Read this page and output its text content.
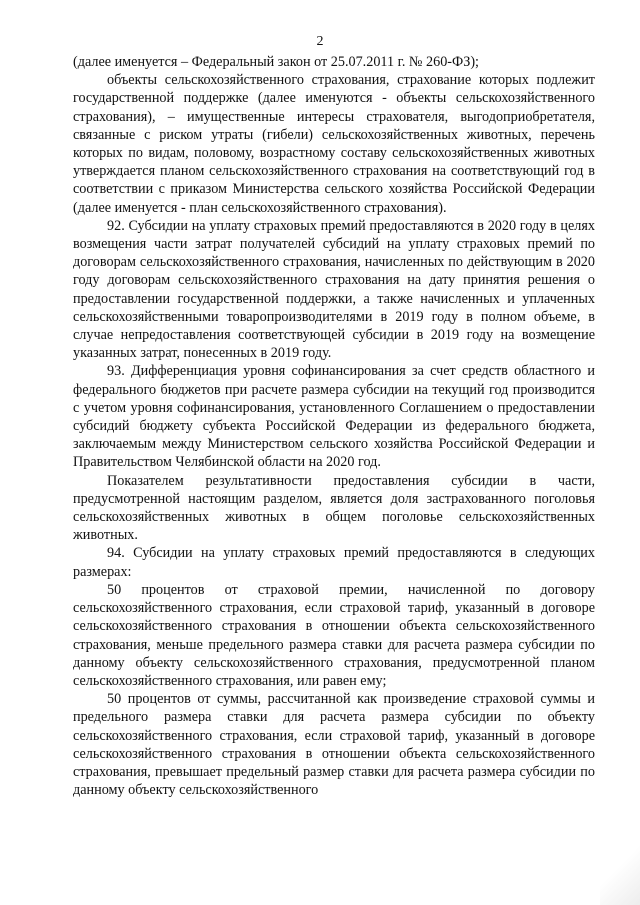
2

(далее именуется – Федеральный закон от 25.07.2011 г. № 260-ФЗ);

объекты сельскохозяйственного страхования, страхование которых подлежит государственной поддержке (далее именуются - объекты сельскохозяйственного страхования), – имущественные интересы страхователя, выгодоприобретателя, связанные с риском утраты (гибели) сельскохозяйственных животных, перечень которых по видам, половому, возрастному составу сельскохозяйственных животных утверждается планом сельскохозяйственного страхования на соответствующий год в соответствии с приказом Министерства сельского хозяйства Российской Федерации (далее именуется - план сельскохозяйственного страхования).

92. Субсидии на уплату страховых премий предоставляются в 2020 году в целях возмещения части затрат получателей субсидий на уплату страховых премий по договорам сельскохозяйственного страхования, начисленных по действующим в 2020 году договорам сельскохозяйственного страхования на дату принятия решения о предоставлении государственной поддержки, а также начисленных и уплаченных сельскохозяйственными товаропроизводителями в 2019 году в полном объеме, в случае непредоставления соответствующей субсидии в 2019 году на возмещение указанных затрат, понесенных в 2019 году.

93. Дифференциация уровня софинансирования за счет средств областного и федерального бюджетов при расчете размера субсидии на текущий год производится с учетом уровня софинансирования, установленного Соглашением о предоставлении субсидий бюджету субъекта Российской Федерации из федерального бюджета, заключаемым между Министерством сельского хозяйства Российской Федерации и Правительством Челябинской области на 2020 год.

Показателем результативности предоставления субсидии в части, предусмотренной настоящим разделом, является доля застрахованного поголовья сельскохозяйственных животных в общем поголовье сельскохозяйственных животных.

94. Субсидии на уплату страховых премий предоставляются в следующих размерах:

50 процентов от страховой премии, начисленной по договору сельскохозяйственного страхования, если страховой тариф, указанный в договоре сельскохозяйственного страхования в отношении объекта сельскохозяйственного страхования, меньше предельного размера ставки для расчета размера субсидии по данному объекту сельскохозяйственного страхования, предусмотренной планом сельскохозяйственного страхования, или равен ему;

50 процентов от суммы, рассчитанной как произведение страховой суммы и предельного размера ставки для расчета размера субсидии по объекту сельскохозяйственного страхования, если страховой тариф, указанный в договоре сельскохозяйственного страхования в отношении объекта сельскохозяйственного страхования, превышает предельный размер ставки для расчета размера субсидии по данному объекту сельскохозяйственного
